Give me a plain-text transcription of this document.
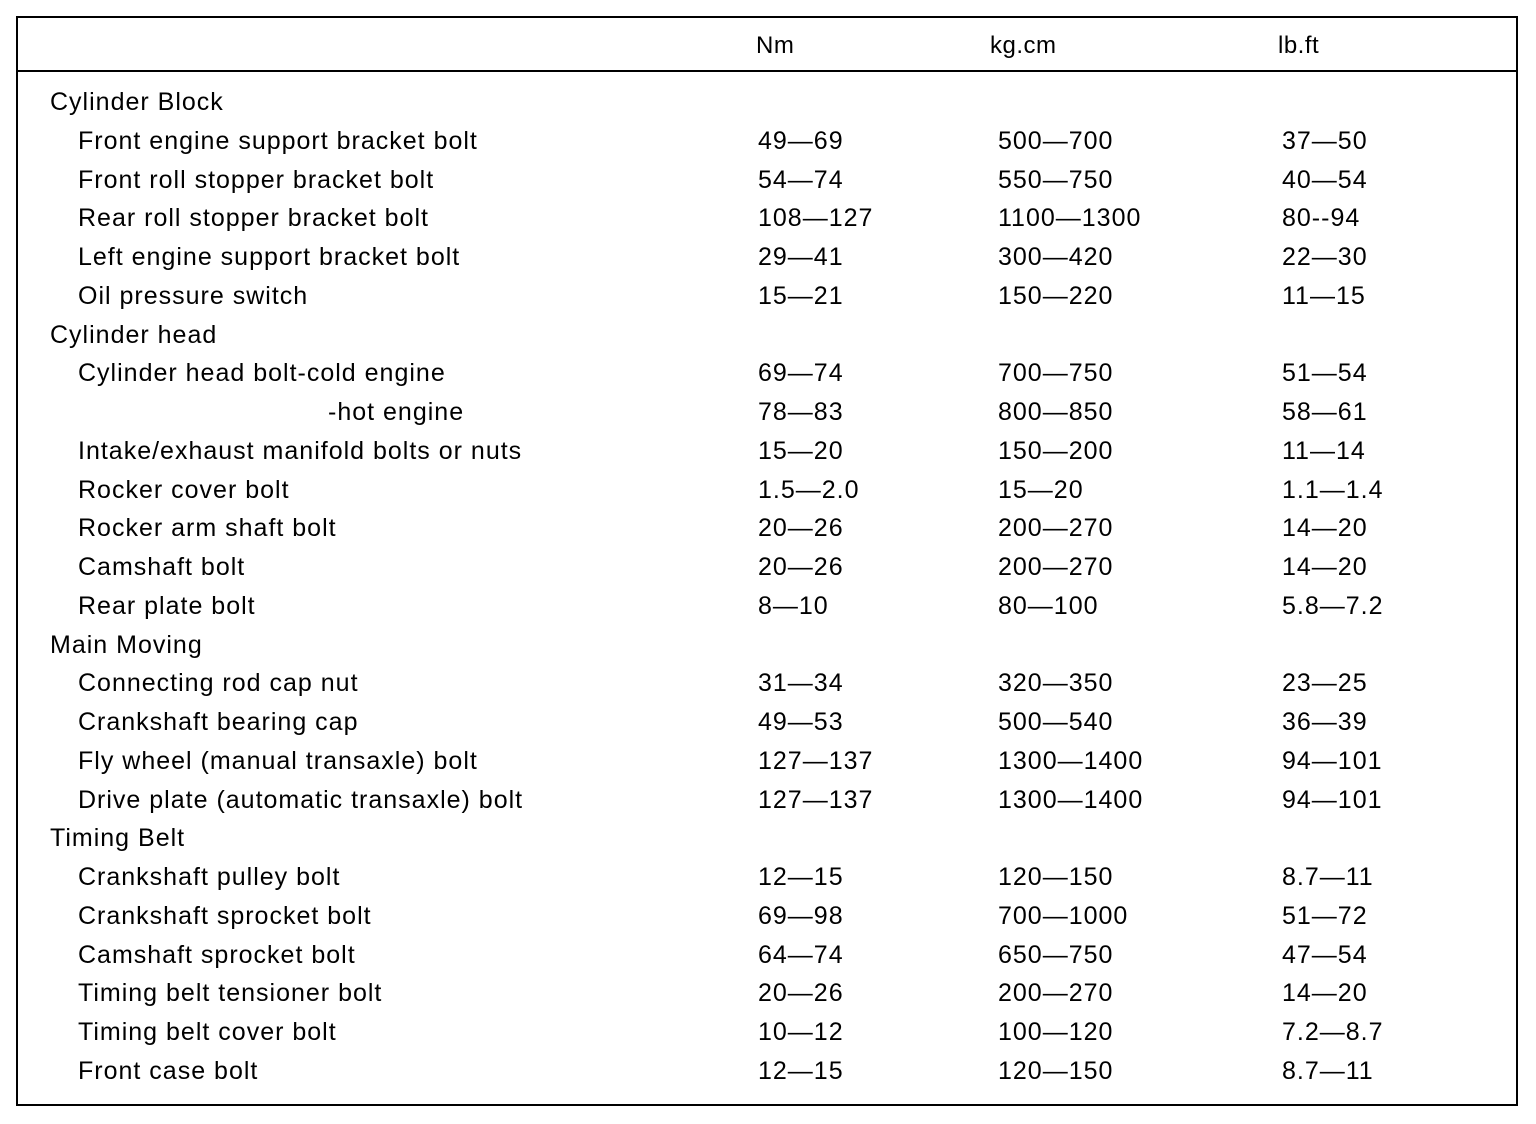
Nm	kg.cm	lb.ft
Cylinder Block
Front engine support bracket bolt	49—69	500—700	37—50
Front roll stopper bracket bolt	54—74	550—750	40—54
Rear roll stopper bracket bolt	108—127	1100—1300	80--94
Left engine support bracket bolt	29—41	300—420	22—30
Oil pressure switch	15—21	150—220	11—15
Cylinder head
Cylinder head bolt-cold engine	69—74	700—750	51—54
-hot engine	78—83	800—850	58—61
Intake/exhaust manifold bolts or nuts	15—20	150—200	11—14
Rocker cover bolt	1.5—2.0	15—20	1.1—1.4
Rocker arm shaft bolt	20—26	200—270	14—20
Camshaft bolt	20—26	200—270	14—20
Rear plate bolt	8—10	80—100	5.8—7.2
Main Moving
Connecting rod cap nut	31—34	320—350	23—25
Crankshaft bearing cap	49—53	500—540	36—39
Fly wheel (manual transaxle) bolt	127—137	1300—1400	94—101
Drive plate (automatic transaxle) bolt	127—137	1300—1400	94—101
Timing Belt
Crankshaft pulley bolt	12—15	120—150	8.7—11
Crankshaft sprocket bolt	69—98	700—1000	51—72
Camshaft sprocket bolt	64—74	650—750	47—54
Timing belt tensioner bolt	20—26	200—270	14—20
Timing belt cover bolt	10—12	100—120	7.2—8.7
Front case bolt	12—15	120—150	8.7—11
